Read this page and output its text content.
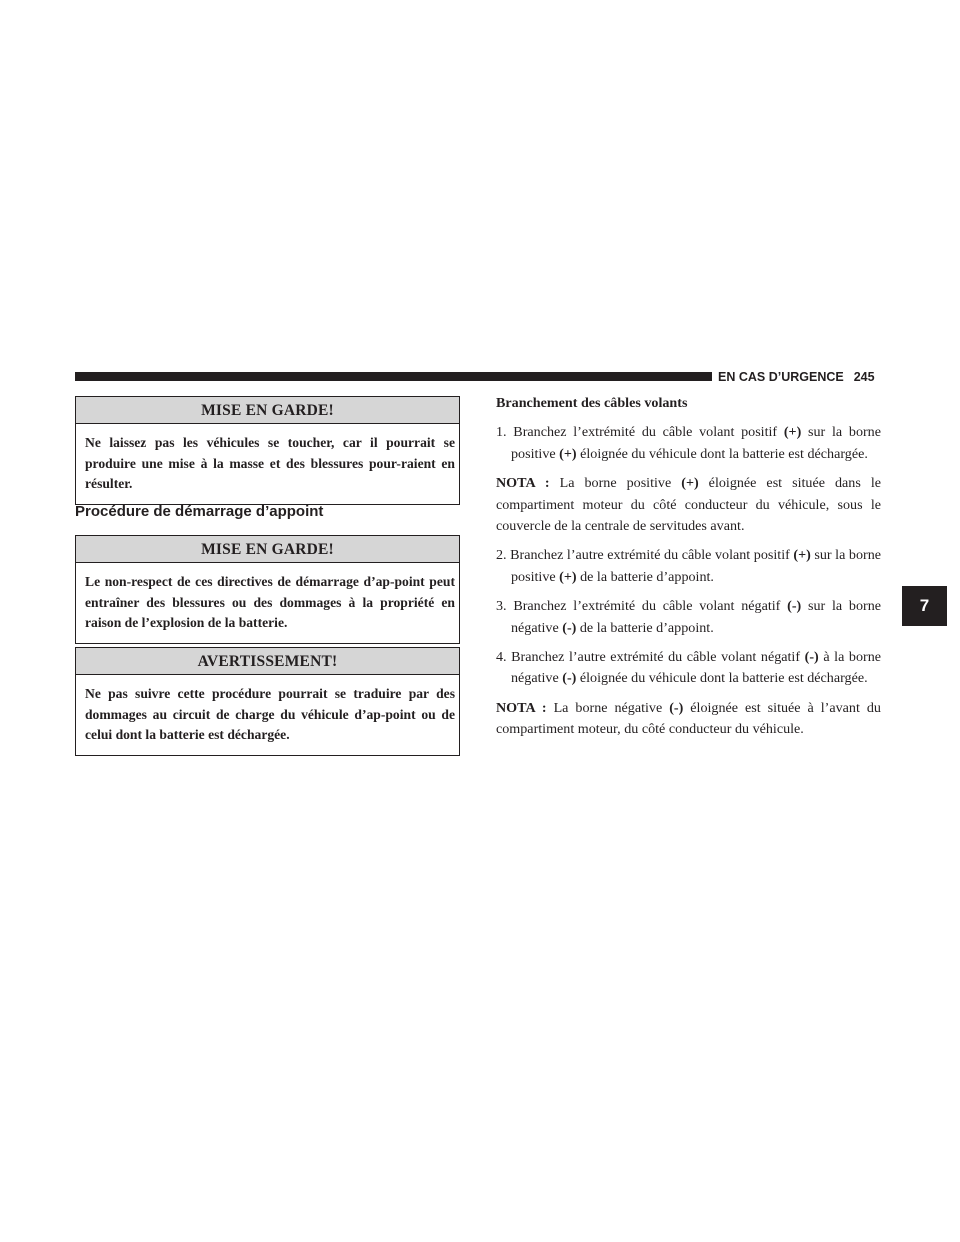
EN CAS D’URGENCE 245
7
MISE EN GARDE!
Ne laissez pas les véhicules se toucher, car il pourrait se produire une mise à la masse et des blessures pour-raient en résulter.
Procédure de démarrage d’appoint
MISE EN GARDE!
Le non-respect de ces directives de démarrage d’ap-point peut entraîner des blessures ou des dommages à la propriété en raison de l’explosion de la batterie.
AVERTISSEMENT!
Ne pas suivre cette procédure pourrait se traduire par des dommages au circuit de charge du véhicule d’ap-point ou de celui dont la batterie est déchargée.

Branchement des câbles volants

1. Branchez l’extrémité du câble volant positif (+) sur la borne positive (+) éloignée du véhicule dont la batterie est déchargée.

NOTA : La borne positive (+) éloignée est située dans le compartiment moteur du côté conducteur du véhicule, sous le couvercle de la centrale de servitudes avant.

2. Branchez l’autre extrémité du câble volant positif (+) sur la borne positive (+) de la batterie d’appoint.

3. Branchez l’extrémité du câble volant négatif (-) sur la borne négative (-) de la batterie d’appoint.

4. Branchez l’autre extrémité du câble volant négatif (-) à la borne négative (-) éloignée du véhicule dont la batterie est déchargée.

NOTA : La borne négative (-) éloignée est située à l’avant du compartiment moteur, du côté conducteur du véhicule.
